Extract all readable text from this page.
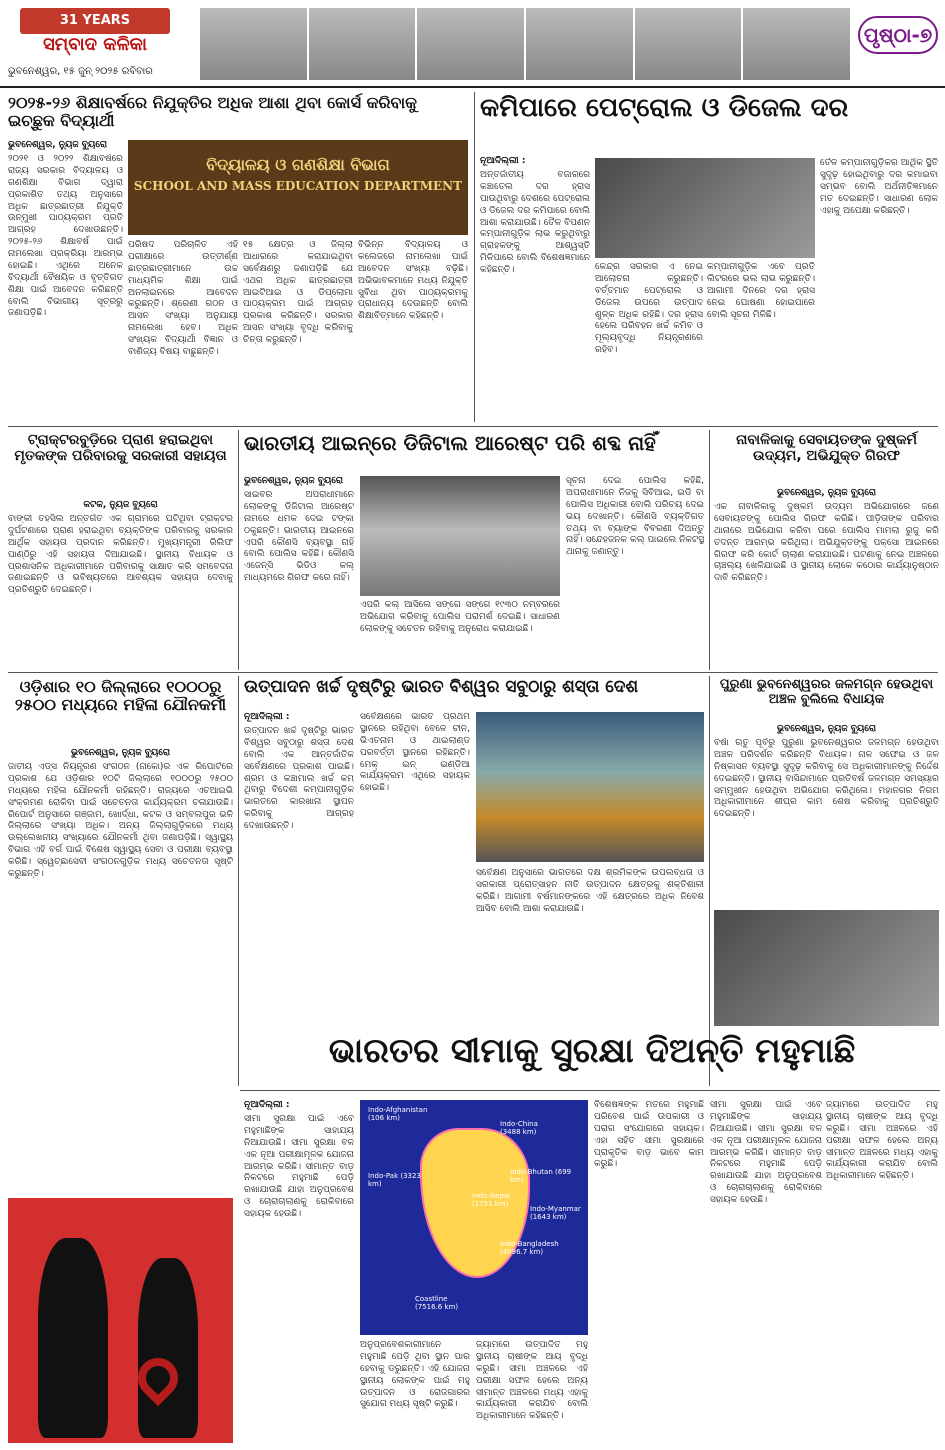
31 YEARS
ସମ୍ବାଦ କଳିକା
ଭୁବନେଶ୍ୱର, ୧୫ ଜୁନ୍ ୨୦୨୫ ରବିବାର
ପୃଷ୍ଠା-୭
୨୦୨୫-୨୬ ଶିକ୍ଷାବର୍ଷରେ ନିଯୁକ୍ତିର ଅଧିକ ଆଶା ଥିବା କୋର୍ସ କରିବାକୁ ଇଚ୍ଛୁକ ବିଦ୍ୟାର୍ଥୀ
ଭୁବନେଶ୍ୱର, ନ୍ୟୁଜ ବ୍ୟୁରୋ
୨୦୨୧ ଓ ୨୦୨୨ ଶିକ୍ଷାବର୍ଷରେ ରାଜ୍ୟ ସରକାର ବିଦ୍ୟାଳୟ ଓ ଗଣଶିକ୍ଷା ବିଭାଗ ଦ୍ୱାରା ପ୍ରକାଶିତ ତଥ୍ୟ ଅନୁସାରେ ଅଧିକ ଛାତ୍ରଛାତ୍ରୀ ନିଯୁକ୍ତି ଉନ୍ମୁଖୀ ପାଠ୍ୟକ୍ରମ ପ୍ରତି ଆଗ୍ରହ ଦେଖାଉଛନ୍ତି। ୨୦୨୫-୨୬ ଶିକ୍ଷାବର୍ଷ ପାଇଁ ନାମଲେଖା ପ୍ରକ୍ରିୟା ଆରମ୍ଭ ହୋଇଛି। ଏଥିରେ ଅନେକ ବିଦ୍ୟାର୍ଥୀ ବୈଷୟିକ ଓ ବୃତ୍ତିଗତ ଶିକ୍ଷା ପାଇଁ ଆବେଦନ କରିଛନ୍ତି ବୋଲି ବିଭାଗୀୟ ସୂତ୍ରରୁ ଜଣାପଡ଼ିଛି।
ବିଦ୍ୟାଳୟ ଓ ଗଣଶିକ୍ଷା ବିଭାଗ
SCHOOL AND MASS EDUCATION DEPARTMENT
ପରିଷଦ ପରିଚାଳିତ ଏହି ପରୀକ୍ଷାରେ ଉତ୍ତୀର୍ଣ୍ଣ ଛାତ୍ରଛାତ୍ରୀମାନେ ଉଚ୍ଚ ମାଧ୍ୟମିକ ଶିକ୍ଷା ପାଇଁ ଅନଲାଇନରେ ଆବେଦନ କରୁଛନ୍ତି। ଶ୍ରେଣୀ ଗଠନ ଓ ଆସନ ସଂଖ୍ୟା ଅନୁଯାୟୀ ନାମଲେଖା ହେବ। ଅଧିକ ସଂଖ୍ୟକ ବିଦ୍ୟାର୍ଥୀ ବିଜ୍ଞାନ ଓ ବାଣିଜ୍ୟ ବିଷୟ ବାଛୁଛନ୍ତି।
୧୫ କ୍ଷେତ୍ର ଓ ଜିଲ୍ଲା ଆଧାରରେ କରାଯାଇଥିବା ସର୍ବେକ୍ଷଣରୁ ଜଣାପଡ଼ିଛି ଯେ ଏଥର ଅଧିକ ଛାତ୍ରଛାତ୍ରୀ ଆଇଟିଆଇ ଓ ଡିପ୍ଲୋମା ପାଠ୍ୟକ୍ରମ ପାଇଁ ଆଗ୍ରହ ପ୍ରକାଶ କରିଛନ୍ତି। ସରକାର ଆସନ ସଂଖ୍ୟା ବୃଦ୍ଧି କରିବାକୁ ଚିନ୍ତା କରୁଛନ୍ତି।
ବିଭିନ୍ନ ବିଦ୍ୟାଳୟ ଓ କଲେଜରେ ନାମଲେଖା ପାଇଁ ଆବେଦନ ସଂଖ୍ୟା ବଢ଼ିଛି। ଅଭିଭାବକମାନେ ମଧ୍ୟ ନିଯୁକ୍ତି ସୁବିଧା ଥିବା ପାଠ୍ୟକ୍ରମକୁ ପ୍ରାଧାନ୍ୟ ଦେଉଛନ୍ତି ବୋଲି ଶିକ୍ଷାବିତ୍ମାନେ କହିଛନ୍ତି।
କମିପାରେ ପେଟ୍ରୋଲ ଓ ଡିଜେଲ ଦର
ନୂଆଦିଲ୍ଲୀ :
ଅନ୍ତର୍ଜାତୀୟ ବଜାରରେ କଞ୍ଚାତେଲ ଦର ହ୍ରାସ ପାଉଥିବାରୁ ଦେଶରେ ପେଟ୍ରୋଲ ଓ ଡିଜେଲ ଦର କମିପାରେ ବୋଲି ଆଶା କରାଯାଉଛି। ତୈଳ ବିପଣନ କମ୍ପାନୀଗୁଡ଼ିକ ଲାଭ କରୁଥିବାରୁ ଗ୍ରାହକଙ୍କୁ ଆଶ୍ୱସ୍ତି ମିଳିପାରେ ବୋଲି ବିଶେଷଜ୍ଞମାନେ କହିଛନ୍ତି।	କେନ୍ଦ୍ର ସରକାର ଏ ନେଇ ଆଲୋଚନା କରୁଛନ୍ତି। ବର୍ତ୍ତମାନ ପେଟ୍ରୋଲ ଓ ଡିଜେଲ ଉପରେ ଉତ୍ପାଦ ଶୁଳ୍କ ଅଧିକ ରହିଛି। ଦର ହ୍ରାସ ହେଲେ ପରିବହନ ଖର୍ଚ୍ଚ କମିବ ଓ ମୂଲ୍ୟବୃଦ୍ଧି ନିୟନ୍ତ୍ରଣରେ ରହିବ।
କମ୍ପାନୀଗୁଡ଼ିକ ଏବେ ପ୍ରତି ଲିଟରରେ ଭଲ ଲାଭ କରୁଛନ୍ତି। ଆଗାମୀ ଦିନରେ ଦର ହ୍ରାସ ନେଇ ଘୋଷଣା ହୋଇପାରେ ବୋଲି ସୂଚନା ମିଳିଛି।
ତୈଳ କମ୍ପାନୀଗୁଡ଼ିକର ଆର୍ଥିକ ସ୍ଥିତି ସୁଦୃଢ଼ ହୋଇଥିବାରୁ ଦର କମାଇବା ସମ୍ଭବ ବୋଲି ଅର୍ଥନୀତିଜ୍ଞମାନେ ମତ ଦେଇଛନ୍ତି। ସାଧାରଣ ଲୋକ ଏହାକୁ ଅପେକ୍ଷା କରିଛନ୍ତି।
ଟ୍ରାକ୍ଟରବୁଡ଼ିରେ ପ୍ରାଣ ହରାଇଥିବା ମୃତକଙ୍କ ପରିବାରକୁ ସରକାରୀ ସହାୟତା
କଟକ, ନ୍ୟୁଜ ବ୍ୟୁରୋ
ବାଙ୍କୀ ତହସିଲ ଅନ୍ତର୍ଗତ ଏକ ଗ୍ରାମରେ ଘଟିଥିବା ଟ୍ରାକ୍ଟର ଦୁର୍ଘଟଣାରେ ପ୍ରାଣ ହରାଇଥିବା ବ୍ୟକ୍ତିଙ୍କ ପରିବାରକୁ ସରକାର ଆର୍ଥିକ ସହାୟତା ପ୍ରଦାନ କରିଛନ୍ତି। ମୁଖ୍ୟମନ୍ତ୍ରୀ ରିଲିଫ ପାଣ୍ଠିରୁ ଏହି ସହାୟତା ଦିଆଯାଇଛି। ସ୍ଥାନୀୟ ବିଧାୟକ ଓ ପ୍ରଶାସନିକ ଅଧିକାରୀମାନେ ପରିବାରକୁ ସାକ୍ଷାତ କରି ସମବେଦନା ଜଣାଇଛନ୍ତି ଓ ଭବିଷ୍ୟତରେ ଆବଶ୍ୟକ ସହାୟତା ଦେବାକୁ ପ୍ରତିଶ୍ରୁତି ଦେଇଛନ୍ତି।
ଭାରତୀୟ ଆଇନ୍‌ରେ ଡିଜିଟାଲ ଆରେଷ୍ଟ ପରି ଶବ୍ଦ ନାହିଁ
ଭୁବନେଶ୍ୱର, ନ୍ୟୁଜ ବ୍ୟୁରୋ
ସାଇବର ଅପରାଧୀମାନେ ଲୋକଙ୍କୁ ଡିଜିଟାଲ ଆରେଷ୍ଟ ନାମରେ ଧମକ ଦେଇ ଟଙ୍କା ଠକୁଛନ୍ତି। ଭାରତୀୟ ଆଇନରେ ଏପରି କୌଣସି ବ୍ୟବସ୍ଥା ନାହିଁ ବୋଲି ପୋଲିସ କହିଛି। କୌଣସି ଏଜେନ୍ସି ଭିଡିଓ କଲ୍ ମାଧ୍ୟମରେ ଗିରଫ କରେ ନାହିଁ।
ଏପରି କଲ୍ ଆସିଲେ ସଙ୍ଗେ ସଙ୍ଗେ ୧୯୩୦ ନମ୍ବରରେ ଅଭିଯୋଗ କରିବାକୁ ପୋଲିସ ପରାମର୍ଶ ଦେଇଛି। ସାଧାରଣ ଲୋକଙ୍କୁ ସଚେତନ ରହିବାକୁ ଅନୁରୋଧ କରାଯାଇଛି।
ସୂଚନା ଦେଇ ପୋଲିସ କହିଛି, ଅପରାଧୀମାନେ ନିଜକୁ ସିବିଆଇ, ଇଡି ବା ପୋଲିସ ଅଧିକାରୀ ବୋଲି ପରିଚୟ ଦେଇ ଭୟ ଦେଖାନ୍ତି। କୌଣସି ବ୍ୟକ୍ତିଗତ ତଥ୍ୟ ବା ବ୍ୟାଙ୍କ ବିବରଣୀ ଦିଅନ୍ତୁ ନାହିଁ। ସନ୍ଦେହଜନକ କଲ୍ ପାଇଲେ ନିକଟସ୍ଥ ଥାନାକୁ ଜଣାନ୍ତୁ।
ନାବାଳିକାକୁ ସେବାୟତଙ୍କ ଦୁଷ୍କର୍ମ ଉଦ୍ୟମ, ଅଭିଯୁକ୍ତ ଗିରଫ
ଭୁବନେଶ୍ୱର, ନ୍ୟୁଜ ବ୍ୟୁରୋ
ଏକ ନାବାଳିକାକୁ ଦୁଷ୍କର୍ମ ଉଦ୍ୟମ ଅଭିଯୋଗରେ ଜଣେ ସେବାୟତଙ୍କୁ ପୋଲିସ ଗିରଫ କରିଛି। ପୀଡ଼ିତାଙ୍କ ପରିବାର ଥାନାରେ ଅଭିଯୋଗ କରିବା ପରେ ପୋଲିସ ମାମଲା ରୁଜୁ କରି ତଦନ୍ତ ଆରମ୍ଭ କରିଥିଲା। ଅଭିଯୁକ୍ତଙ୍କୁ ପକ୍ସୋ ଆଇନରେ ଗିରଫ କରି କୋର୍ଟ ଚାଲାଣ କରାଯାଇଛି। ଘଟଣାକୁ ନେଇ ଅଞ୍ଚଳରେ ଚାଞ୍ଚଲ୍ୟ ଖେଳିଯାଇଛି ଓ ସ୍ଥାନୀୟ ଲୋକେ କଠୋର କାର୍ଯ୍ୟାନୁଷ୍ଠାନ ଦାବି କରିଛନ୍ତି।
ଓଡ଼ିଶାର ୧୦ ଜିଲ୍ଲାରେ ୧୦୦୦ରୁ ୨୫୦୦ ମଧ୍ୟରେ ମହିଳା ଯୌନକର୍ମୀ
ଭୁବନେଶ୍ୱର, ନ୍ୟୁଜ ବ୍ୟୁରୋ
ଜାତୀୟ ଏଡ୍‌ସ ନିୟନ୍ତ୍ରଣ ସଂଗଠନ (ନାକୋ)ର ଏକ ରିପୋର୍ଟରେ ପ୍ରକାଶ ଯେ ଓଡ଼ିଶାର ୧୦ଟି ଜିଲ୍ଲାରେ ୧୦୦୦ରୁ ୨୫୦୦ ମଧ୍ୟରେ ମହିଳା ଯୌନକର୍ମୀ ରହିଛନ୍ତି। ରାଜ୍ୟରେ ଏଚଆଇଭି ସଂକ୍ରମଣ ରୋକିବା ପାଇଁ ସଚେତନତା କାର୍ଯ୍ୟକ୍ରମ ଚଳାଯାଉଛି। ରିପୋର୍ଟ ଅନୁସାରେ ଗଞ୍ଜାମ, ଖୋର୍ଦ୍ଧା, କଟକ ଓ ସମ୍ବଲପୁର ଭଳି ଜିଲ୍ଲାରେ ସଂଖ୍ୟା ଅଧିକ। ଅନ୍ୟ ଜିଲ୍ଲାଗୁଡ଼ିକରେ ମଧ୍ୟ ଉଲ୍ଲେଖନୀୟ ସଂଖ୍ୟାରେ ଯୌନକର୍ମୀ ଥିବା ଜଣାପଡ଼ିଛି। ସ୍ୱାସ୍ଥ୍ୟ ବିଭାଗ ଏହି ବର୍ଗ ପାଇଁ ବିଶେଷ ସ୍ୱାସ୍ଥ୍ୟ ସେବା ଓ ପରୀକ୍ଷା ବ୍ୟବସ୍ଥା କରିଛି। ସ୍ୱେଚ୍ଛାସେବୀ ସଂଗଠନଗୁଡ଼ିକ ମଧ୍ୟ ସଚେତନତା ସୃଷ୍ଟି କରୁଛନ୍ତି।
ଉତ୍ପାଦନ ଖର୍ଚ୍ଚ ଦୃଷ୍ଟିରୁ ଭାରତ ବିଶ୍ୱର ସବୁଠାରୁ ଶସ୍ତା ଦେଶ
ନୂଆଦିଲ୍ଲୀ :
ଉତ୍ପାଦନ ଖର୍ଚ୍ଚ ଦୃଷ୍ଟିରୁ ଭାରତ ବିଶ୍ୱର ସବୁଠାରୁ ଶସ୍ତା ଦେଶ ବୋଲି ଏକ ଆନ୍ତର୍ଜାତିକ ସର୍ବେକ୍ଷଣରେ ପ୍ରକାଶ ପାଇଛି। ଶ୍ରମ ଓ କଞ୍ଚାମାଲ ଖର୍ଚ୍ଚ କମ୍ ଥିବାରୁ ବିଦେଶୀ କମ୍ପାନୀଗୁଡ଼ିକ ଭାରତରେ କାରଖାନା ସ୍ଥାପନ କରିବାକୁ ଆଗ୍ରହ ଦେଖାଉଛନ୍ତି।
ସର୍ବେକ୍ଷଣରେ ଭାରତ ପ୍ରଥମ ସ୍ଥାନରେ ରହିଥିବା ବେଳେ ଚୀନ, ଭିଏତନାମ ଓ ଥାଇଲାଣ୍ଡ ପରବର୍ତ୍ତୀ ସ୍ଥାନରେ ରହିଛନ୍ତି। ମେକ୍ ଇନ୍ ଇଣ୍ଡିଆ କାର୍ଯ୍ୟକ୍ରମ ଏଥିରେ ସହାୟକ ହୋଇଛି।
ସର୍ବେକ୍ଷଣ ଅନୁସାରେ ଭାରତରେ ଦକ୍ଷ ଶ୍ରମିକଙ୍କ ଉପଲବ୍ଧତା ଓ ସରକାରୀ ପ୍ରୋତ୍ସାହନ ନୀତି ଉତ୍ପାଦନ କ୍ଷେତ୍ରକୁ ଶକ୍ତିଶାଳୀ କରିଛି। ଆଗାମୀ ବର୍ଷମାନଙ୍କରେ ଏହି କ୍ଷେତ୍ରରେ ଅଧିକ ନିବେଶ ଆସିବ ବୋଲି ଆଶା କରାଯାଉଛି।
ପୁରୁଣା ଭୁବନେଶ୍ୱରର ଜଳମଗ୍ନ ହେଉଥିବା ଅଞ୍ଚଳ ବୁଲିଲେ ବିଧାୟକ
ଭୁବନେଶ୍ୱର, ନ୍ୟୁଜ ବ୍ୟୁରୋ
ବର୍ଷା ଋତୁ ପୂର୍ବରୁ ପୁରୁଣା ଭୁବନେଶ୍ୱରର ଜଳମଗ୍ନ ହେଉଥିବା ଅଞ୍ଚଳ ପରିଦର୍ଶନ କରିଛନ୍ତି ବିଧାୟକ। ନାଳ ସଫେଇ ଓ ଜଳ ନିଷ୍କାସନ ବ୍ୟବସ୍ଥା ସୁଦୃଢ଼ କରିବାକୁ ସେ ଅଧିକାରୀମାନଙ୍କୁ ନିର୍ଦ୍ଦେଶ ଦେଇଛନ୍ତି। ସ୍ଥାନୀୟ ବାସିନ୍ଦାମାନେ ପ୍ରତିବର୍ଷ ଜଳମଗ୍ନ ସମସ୍ୟାର ସମ୍ମୁଖୀନ ହେଉଥିବା ଅଭିଯୋଗ କରିଥିଲେ। ମହାନଗର ନିଗମ ଅଧିକାରୀମାନେ ଶୀଘ୍ର କାମ ଶେଷ କରିବାକୁ ପ୍ରତିଶ୍ରୁତି ଦେଇଛନ୍ତି।
ଭାରତର ସୀମାକୁ ସୁରକ୍ଷା ଦିଅନ୍ତି ମହୁମାଛି
ନୂଆଦିଲ୍ଲୀ :
ସୀମା ସୁରକ୍ଷା ପାଇଁ ଏବେ ମହୁମାଛିଙ୍କ ସାହାଯ୍ୟ ନିଆଯାଉଛି। ସୀମା ସୁରକ୍ଷା ବଳ ଏକ ନୂଆ ପରୀକ୍ଷାମୂଳକ ଯୋଜନା ଆରମ୍ଭ କରିଛି। ସୀମାନ୍ତ ବାଡ଼ ନିକଟରେ ମହୁମାଛି ପେଡ଼ି ରଖାଯାଉଛି ଯାହା ଅନୁପ୍ରବେଶ ଓ ଚୋରାଚାଲାଣକୁ ରୋକିବାରେ ସହାୟକ ହେଉଛି।
Indo-Afghanistan (106 km)
Indo-China (3488 km)
Indo-Pak (3323 km)
Indo-Nepal (1751 km)
Indo-Bhutan (699 km)
Indo-Myanmar (1643 km)
Indo-Bangladesh (4096.7 km)
Coastline (7516.6 km)
ଅନୁପ୍ରବେଶକାରୀମାନେ ମହୁମାଛି ପେଡ଼ି ଥିବା ସ୍ଥାନ ପାର ହେବାକୁ ଡରୁଛନ୍ତି। ଏହି ଯୋଜନା ସ୍ଥାନୀୟ ଲୋକଙ୍କ ପାଇଁ ମହୁ ଉତ୍ପାଦନ ଓ ରୋଜଗାରର ସୁଯୋଗ ମଧ୍ୟ ସୃଷ୍ଟି କରୁଛି।
ଜ୍ୟାମରେ ଉତ୍ପାଦିତ ମହୁ ସ୍ଥାନୀୟ ଚାଷୀଙ୍କ ଆୟ ବୃଦ୍ଧି କରୁଛି। ସୀମା ଅଞ୍ଚଳରେ ଏହି ପରୀକ୍ଷା ସଫଳ ହେଲେ ଅନ୍ୟ ସୀମାନ୍ତ ଅଞ୍ଚଳରେ ମଧ୍ୟ ଏହାକୁ କାର୍ଯ୍ୟକାରୀ କରାଯିବ ବୋଲି ଅଧିକାରୀମାନେ କହିଛନ୍ତି।
ବିଶେଷଜ୍ଞଙ୍କ ମତରେ ମହୁମାଛି ପରିବେଶ ପାଇଁ ଉପକାରୀ ଓ ପରାଗ ସଂଯୋଗରେ ସହାୟକ। ଏହା ସହିତ ସୀମା ସୁରକ୍ଷାରେ ପ୍ରାକୃତିକ ବାଡ଼ ଭାବେ କାମ କରୁଛି।
ସୀମା ସୁରକ୍ଷା ପାଇଁ ଏବେ ମହୁମାଛିଙ୍କ ସାହାଯ୍ୟ ନିଆଯାଉଛି। ସୀମା ସୁରକ୍ଷା ବଳ ଏକ ନୂଆ ପରୀକ୍ଷାମୂଳକ ଯୋଜନା ଆରମ୍ଭ କରିଛି। ସୀମାନ୍ତ ବାଡ଼ ନିକଟରେ ମହୁମାଛି ପେଡ଼ି ରଖାଯାଉଛି ଯାହା ଅନୁପ୍ରବେଶ ଓ ଚୋରାଚାଲାଣକୁ ରୋକିବାରେ ସହାୟକ ହେଉଛି।
ଜ୍ୟାମରେ ଉତ୍ପାଦିତ ମହୁ ସ୍ଥାନୀୟ ଚାଷୀଙ୍କ ଆୟ ବୃଦ୍ଧି କରୁଛି। ସୀମା ଅଞ୍ଚଳରେ ଏହି ପରୀକ୍ଷା ସଫଳ ହେଲେ ଅନ୍ୟ ସୀମାନ୍ତ ଅଞ୍ଚଳରେ ମଧ୍ୟ ଏହାକୁ କାର୍ଯ୍ୟକାରୀ କରାଯିବ ବୋଲି ଅଧିକାରୀମାନେ କହିଛନ୍ତି।
